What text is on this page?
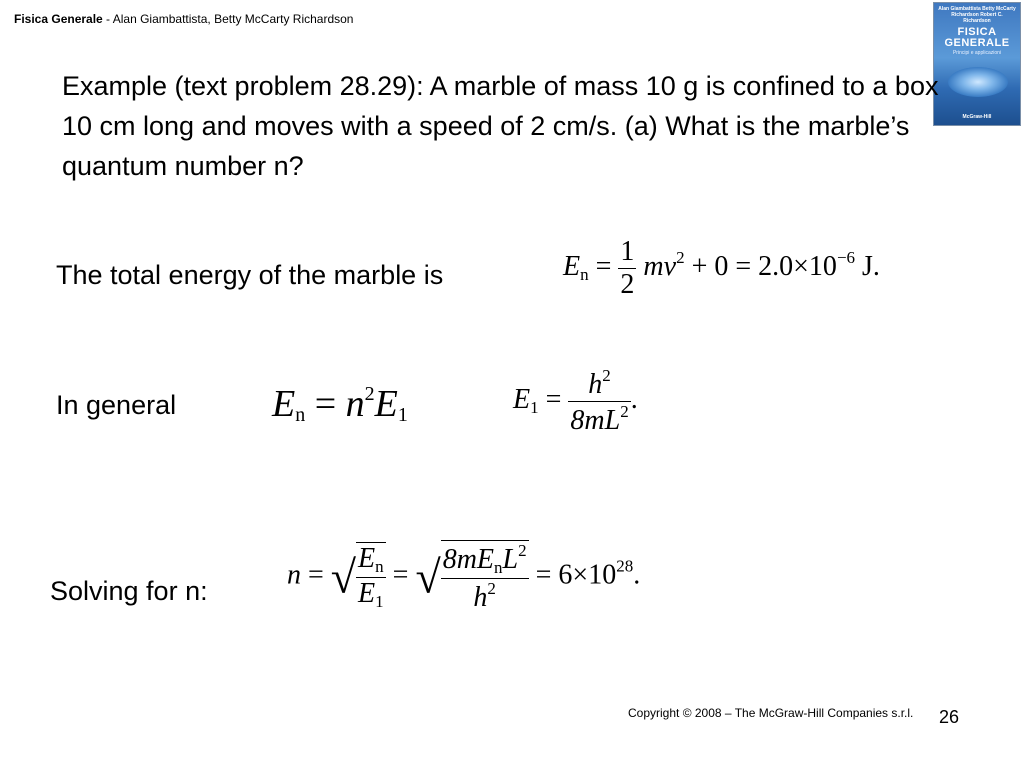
Fisica Generale - Alan Giambattista, Betty McCarty Richardson
Alan Giambattista Betty McCarty Richardson Robert C. Richardson
FISICA
GENERALE
Principi e applicazioni
McGraw-Hill
Example (text problem 28.29): A marble of mass 10 g is confined to a box 10 cm long and moves with a speed of 2 cm/s. (a) What is the marble’s quantum number n?
The total energy of the marble is	$E_n = \frac{1}{2} mv^2 + 0 = 2.0\times 10^{-6}$ J.
In general	$E_n = n^2E_1$
$E_1 = \frac{h^2}{8mL^2}$ .
Solving for n:
n = √ $\frac{E_n}{E_1}$ = √ $\frac{8mE_nL^2}{h^2} = 6\times 10^{28}$.
Copyright © 2008 – The McGraw-Hill Companies s.r.l. 26
